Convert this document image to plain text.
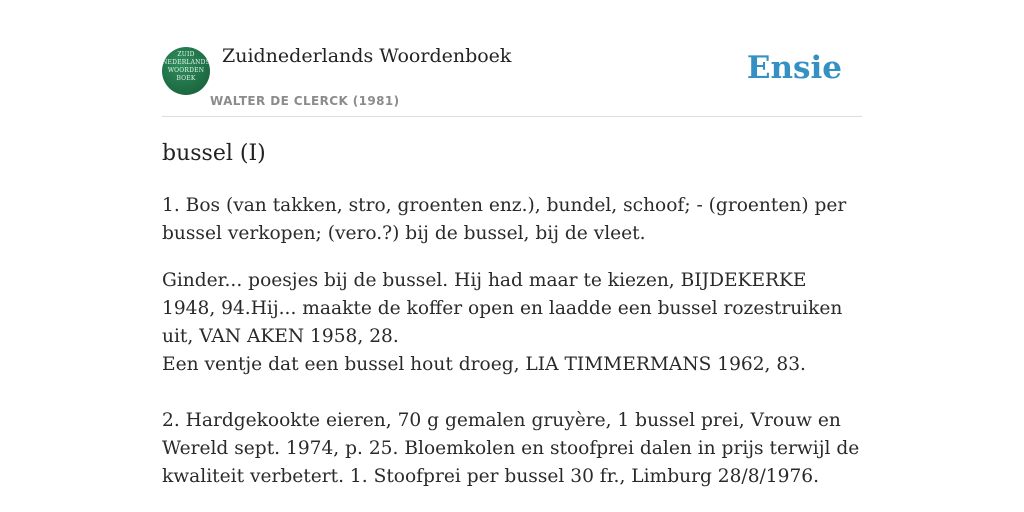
ZUID
NEDERLANDS
WOORDEN
BOEK
Zuidnederlands Woordenboek
WALTER DE CLERCK (1981)
Ensie
bussel (I)
1. Bos (van takken, stro, groenten enz.), bundel, schoof; - (groenten) per bussel verkopen; (vero.?) bij de bussel, bij de vleet.
Ginder... poesjes bij de bussel. Hij had maar te kiezen, BIJDEKERKE 1948, 94.Hij... maakte de koffer open en laadde een bussel rozestruiken uit, VAN AKEN 1958, 28.
Een ventje dat een bussel hout droeg, LIA TIMMERMANS 1962, 83.
2. Hardgekookte eieren, 70 g gemalen gruyère, 1 bussel prei, Vrouw en Wereld sept. 1974, p. 25. Bloemkolen en stoofprei dalen in prijs terwijl de kwaliteit verbetert. 1. Stoofprei per bussel 30 fr., Limburg 28/8/1976.
